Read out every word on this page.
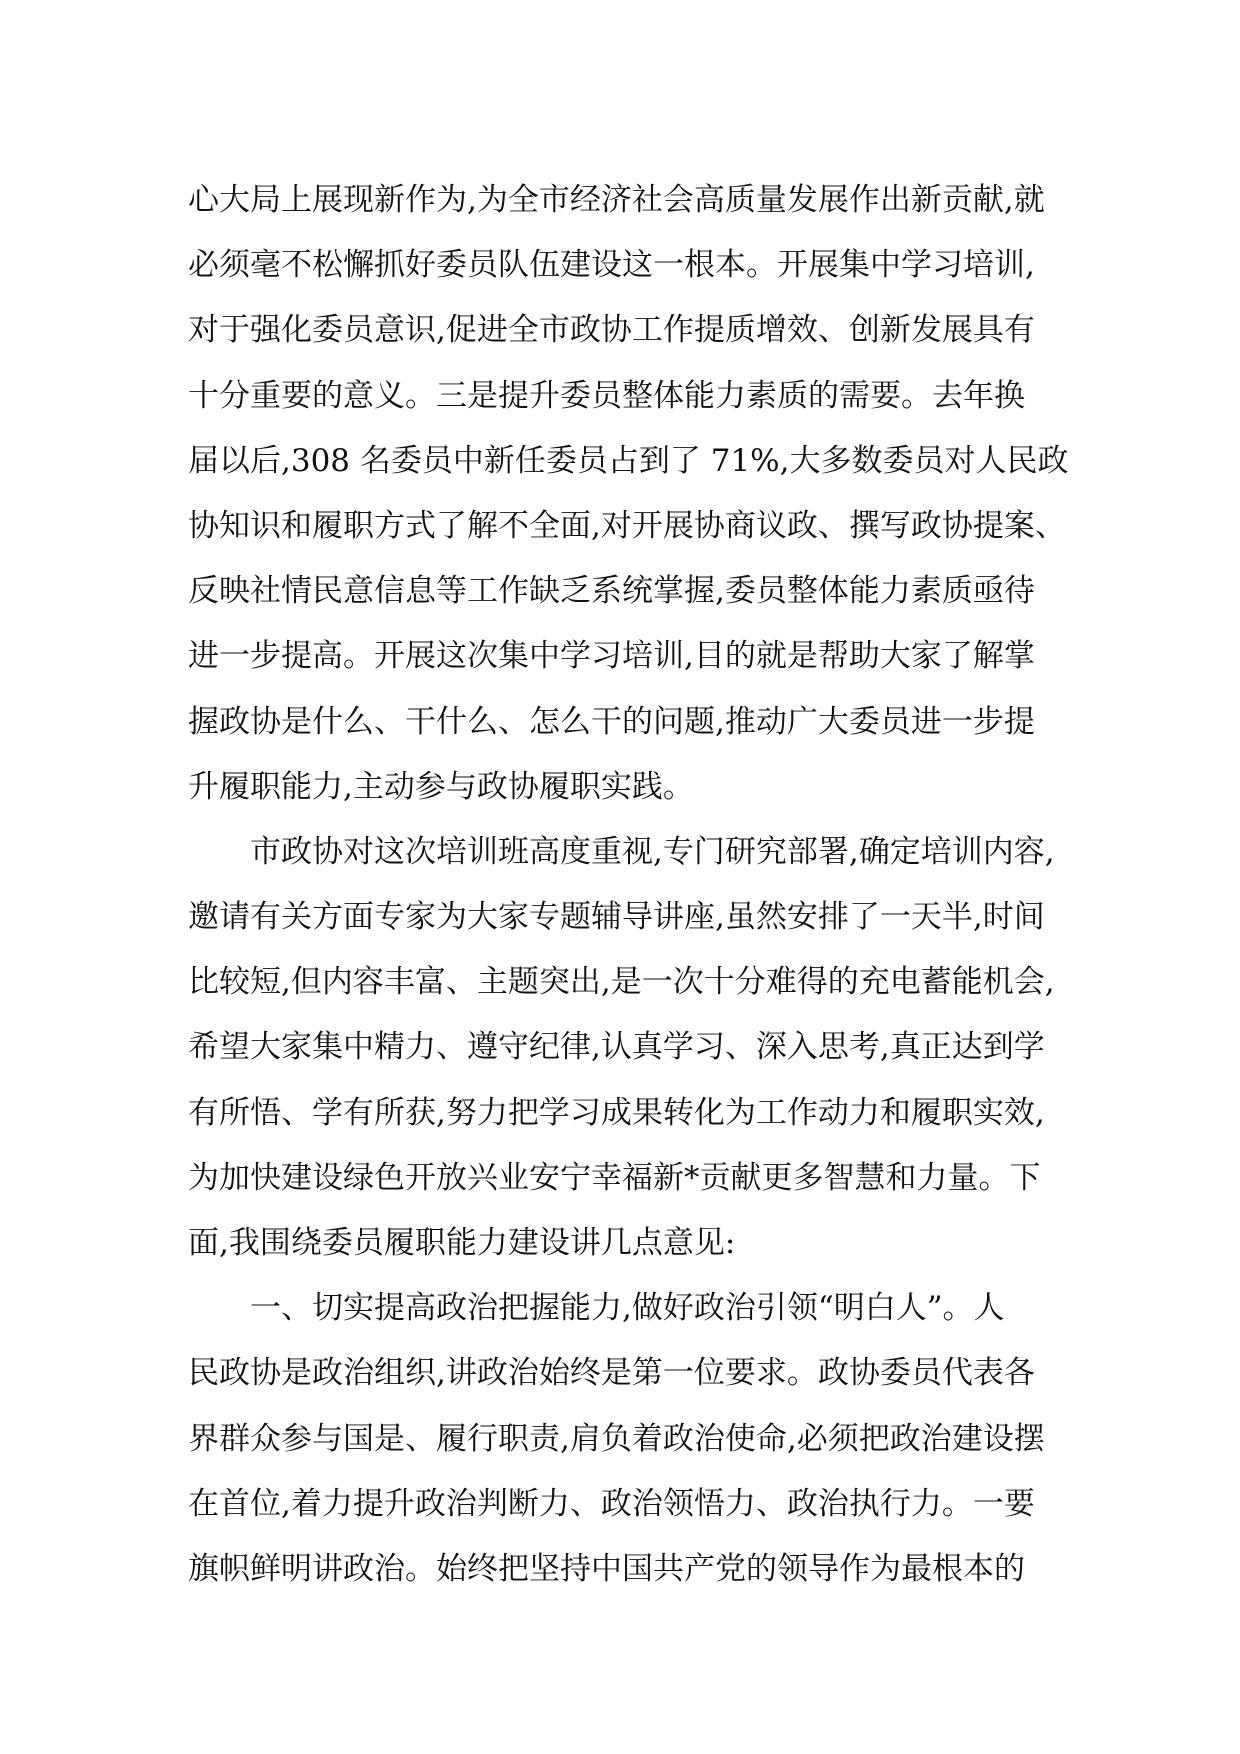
心大局上展现新作为,为全市经济社会高质量发展作出新贡献,就
必须毫不松懈抓好委员队伍建设这一根本。开展集中学习培训,
对于强化委员意识,促进全市政协工作提质增效、创新发展具有
十分重要的意义。三是提升委员整体能力素质的需要。去年换
届以后,308 名委员中新任委员占到了 71%,大多数委员对人民政
协知识和履职方式了解不全面,对开展协商议政、撰写政协提案、
反映社情民意信息等工作缺乏系统掌握,委员整体能力素质亟待
进一步提高。开展这次集中学习培训,目的就是帮助大家了解掌
握政协是什么、干什么、怎么干的问题,推动广大委员进一步提
升履职能力,主动参与政协履职实践。
市政协对这次培训班高度重视,专门研究部署,确定培训内容,
邀请有关方面专家为大家专题辅导讲座,虽然安排了一天半,时间
比较短,但内容丰富、主题突出,是一次十分难得的充电蓄能机会,
希望大家集中精力、遵守纪律,认真学习、深入思考,真正达到学
有所悟、学有所获,努力把学习成果转化为工作动力和履职实效,
为加快建设绿色开放兴业安宁幸福新*贡献更多智慧和力量。下
面,我围绕委员履职能力建设讲几点意见:
一、切实提高政治把握能力,做好政治引领“明白人”。人
民政协是政治组织,讲政治始终是第一位要求。政协委员代表各
界群众参与国是、履行职责,肩负着政治使命,必须把政治建设摆
在首位,着力提升政治判断力、政治领悟力、政治执行力。一要
旗帜鲜明讲政治。始终把坚持中国共产党的领导作为最根本的
